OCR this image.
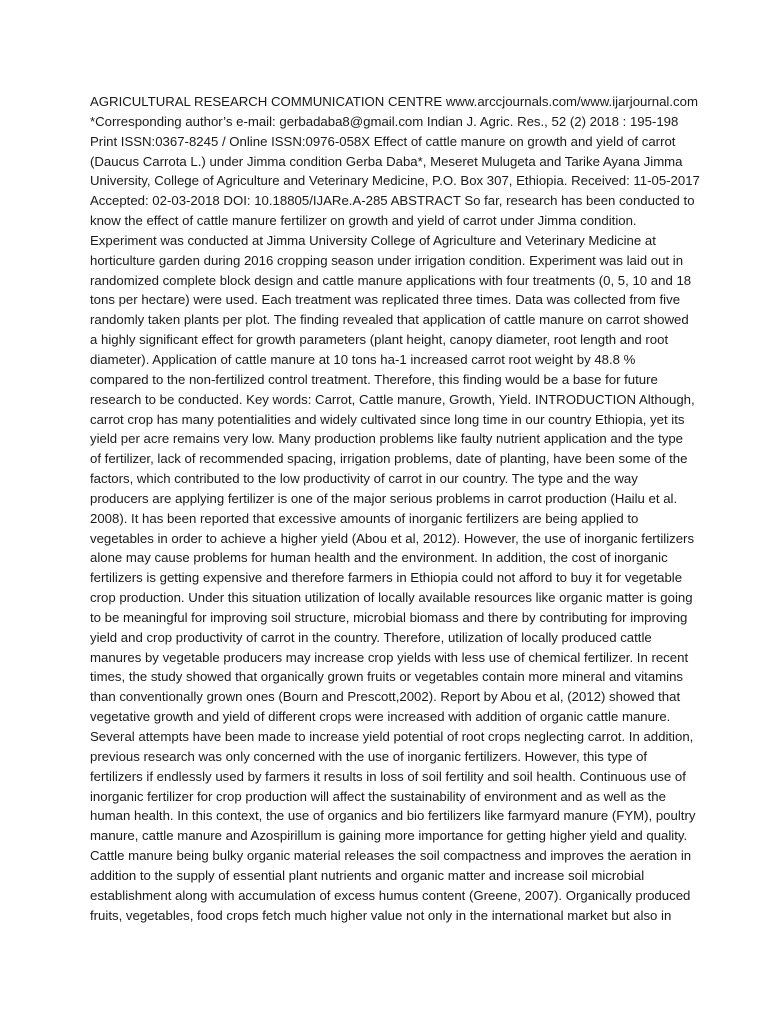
AGRICULTURAL RESEARCH COMMUNICATION CENTRE www.arccjournals.com/www.ijarjournal.com
*Corresponding author’s e-mail: gerbadaba8@gmail.com Indian J. Agric. Res., 52 (2) 2018 : 195-198
Print ISSN:0367-8245 / Online ISSN:0976-058X Effect of cattle manure on growth and yield of carrot
(Daucus Carrota L.) under Jimma condition Gerba Daba*, Meseret Mulugeta and Tarike Ayana Jimma
University, College of Agriculture and Veterinary Medicine, P.O. Box 307, Ethiopia. Received: 11-05-2017
Accepted: 02-03-2018 DOI: 10.18805/IJARe.A-285 ABSTRACT So far, research has been conducted to
know the effect of cattle manure fertilizer on growth and yield of carrot under Jimma condition.
Experiment was conducted at Jimma University College of Agriculture and Veterinary Medicine at
horticulture garden during 2016 cropping season under irrigation condition. Experiment was laid out in
randomized complete block design and cattle manure applications with four treatments (0, 5, 10 and 18
tons per hectare) were used. Each treatment was replicated three times. Data was collected from five
randomly taken plants per plot. The finding revealed that application of cattle manure on carrot showed
a highly significant effect for growth parameters (plant height, canopy diameter, root length and root
diameter). Application of cattle manure at 10 tons ha-1 increased carrot root weight by 48.8 %
compared to the non-fertilized control treatment. Therefore, this finding would be a base for future
research to be conducted. Key words: Carrot, Cattle manure, Growth, Yield. INTRODUCTION Although,
carrot crop has many potentialities and widely cultivated since long time in our country Ethiopia, yet its
yield per acre remains very low. Many production problems like faulty nutrient application and the type
of fertilizer, lack of recommended spacing, irrigation problems, date of planting, have been some of the
factors, which contributed to the low productivity of carrot in our country. The type and the way
producers are applying fertilizer is one of the major serious problems in carrot production (Hailu et al.
2008). It has been reported that excessive amounts of inorganic fertilizers are being applied to
vegetables in order to achieve a higher yield (Abou et al, 2012). However, the use of inorganic fertilizers
alone may cause problems for human health and the environment. In addition, the cost of inorganic
fertilizers is getting expensive and therefore farmers in Ethiopia could not afford to buy it for vegetable
crop production. Under this situation utilization of locally available resources like organic matter is going
to be meaningful for improving soil structure, microbial biomass and there by contributing for improving
yield and crop productivity of carrot in the country. Therefore, utilization of locally produced cattle
manures by vegetable producers may increase crop yields with less use of chemical fertilizer. In recent
times, the study showed that organically grown fruits or vegetables contain more mineral and vitamins
than conventionally grown ones (Bourn and Prescott,2002). Report by Abou et al, (2012) showed that
vegetative growth and yield of different crops were increased with addition of organic cattle manure.
Several attempts have been made to increase yield potential of root crops neglecting carrot. In addition,
previous research was only concerned with the use of inorganic fertilizers. However, this type of
fertilizers if endlessly used by farmers it results in loss of soil fertility and soil health. Continuous use of
inorganic fertilizer for crop production will affect the sustainability of environment and as well as the
human health. In this context, the use of organics and bio fertilizers like farmyard manure (FYM), poultry
manure, cattle manure and Azospirillum is gaining more importance for getting higher yield and quality.
Cattle manure being bulky organic material releases the soil compactness and improves the aeration in
addition to the supply of essential plant nutrients and organic matter and increase soil microbial
establishment along with accumulation of excess humus content (Greene, 2007). Organically produced
fruits, vegetables, food crops fetch much higher value not only in the international market but also in
